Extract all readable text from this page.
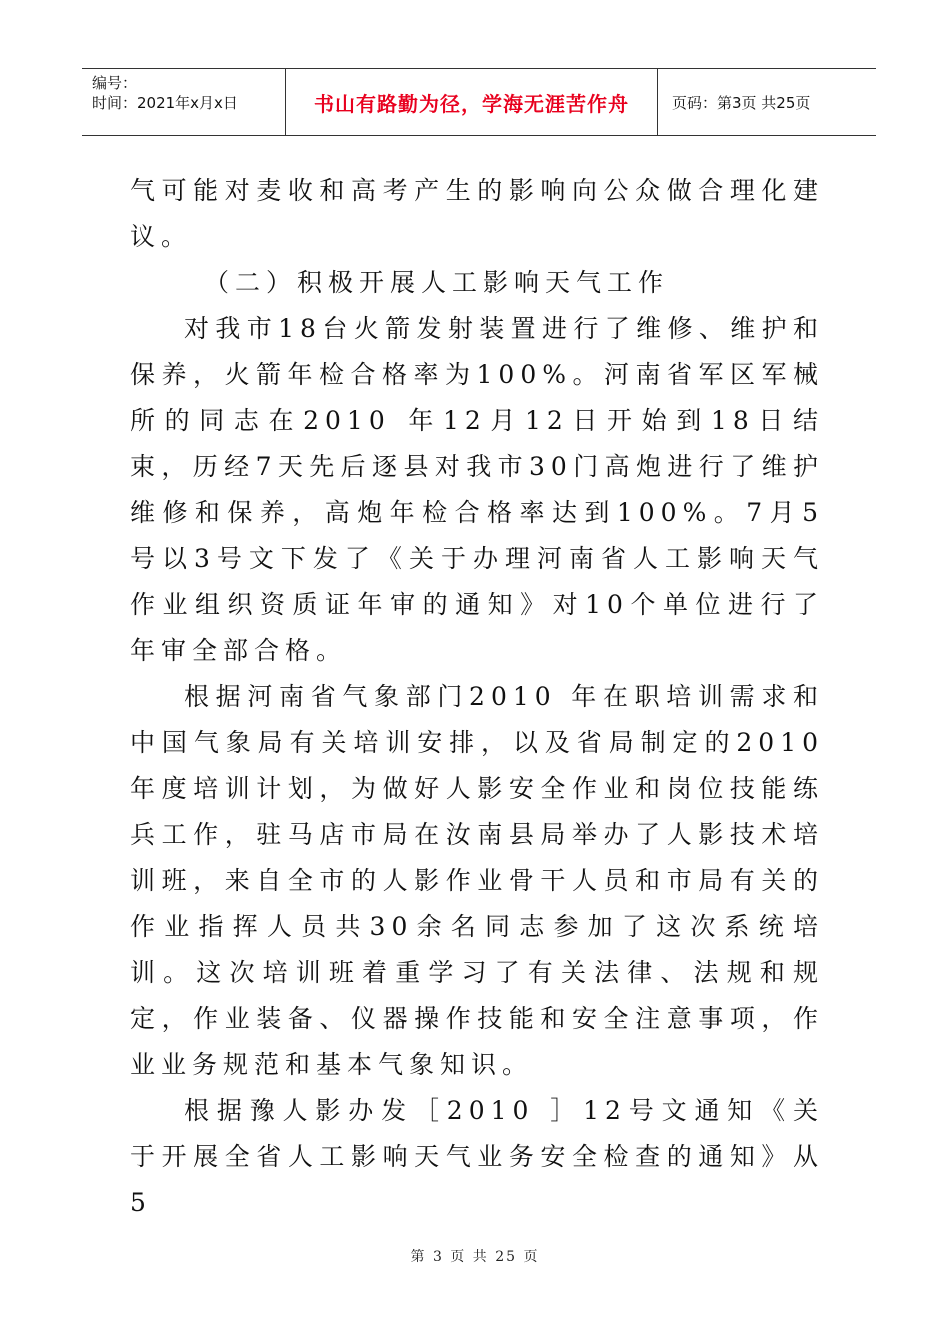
编号：
时间：2021年x月x日	书山有路勤为径，学海无涯苦作舟	页码：第3页 共25页

气可能对麦收和高考产生的影响向公众做合理化建议。

（二）积极开展人工影响天气工作

对我市18台火箭发射装置进行了维修、维护和保养，火箭年检合格率为100%。河南省军区军械所的同志在2010 年12月12日开始到18日结束，历经7天先后逐县对我市30门高炮进行了维护维修和保养，高炮年检合格率达到100%。7月5号以3号文下发了《关于办理河南省人工影响天气作业组织资质证年审的通知》对10个单位进行了年审全部合格。

根据河南省气象部门2010 年在职培训需求和中国气象局有关培训安排，以及省局制定的2010 年度培训计划，为做好人影安全作业和岗位技能练兵工作，驻马店市局在汝南县局举办了人影技术培训班，来自全市的人影作业骨干人员和市局有关的作业指挥人员共30余名同志参加了这次系统培训。这次培训班着重学习了有关法律、法规和规定，作业装备、仪器操作技能和安全注意事项，作业业务规范和基本气象知识。

根据豫人影办发［2010 ］12号文通知《关于开展全省人工影响天气业务安全检查的通知》从5

第 3 页 共 25 页
